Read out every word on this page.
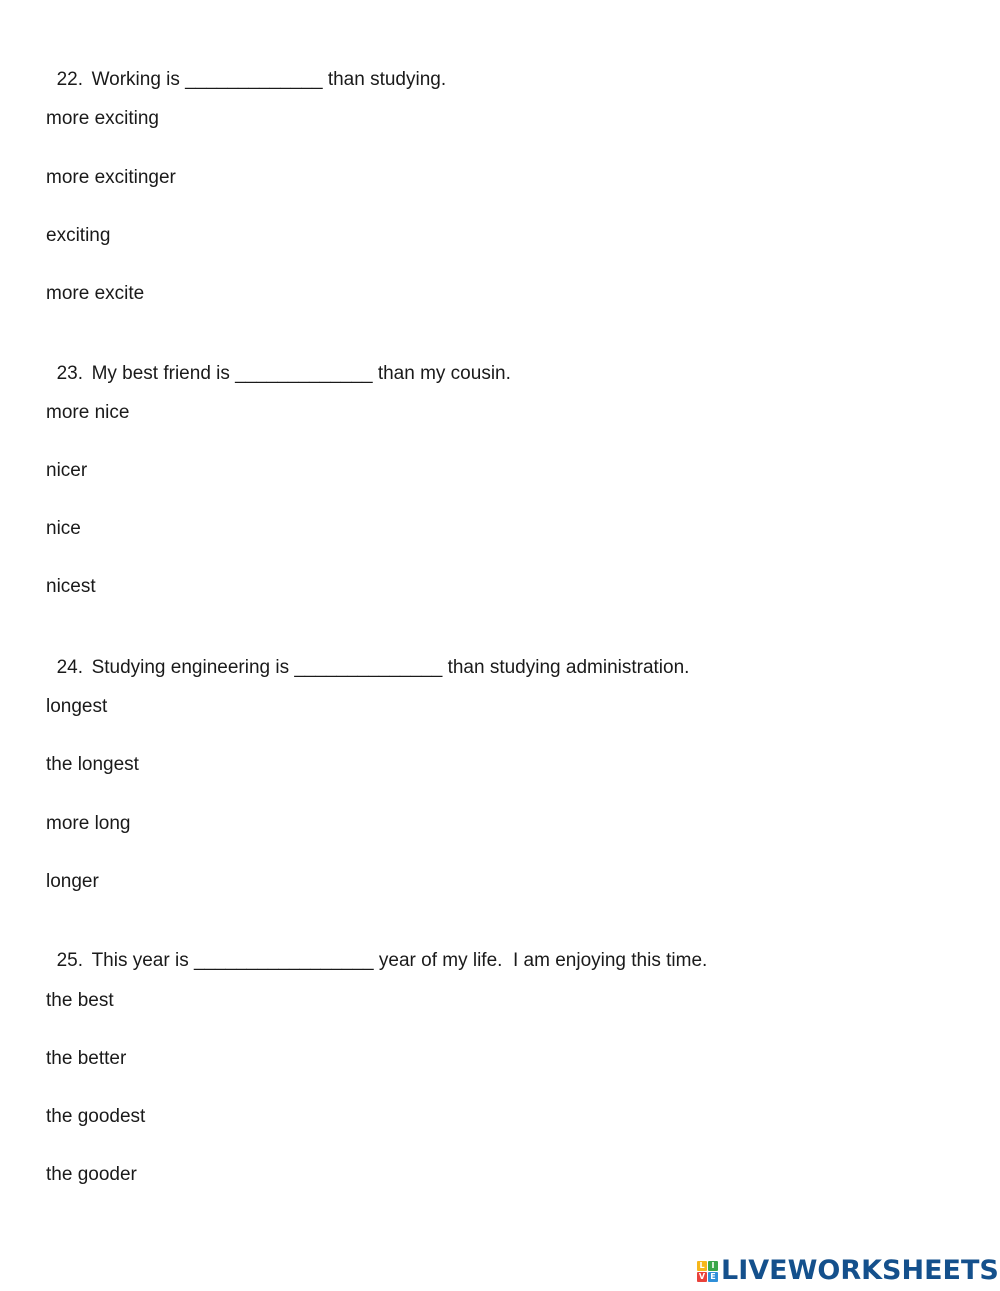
22. Working is _____________ than studying.

more exciting
more excitinger
exciting
more excite

23. My best friend is _____________ than my cousin.

more nice
nicer
nice
nicest

24. Studying engineering is ______________ than studying administration.

longest
the longest
more long
longer

25. This year is _________________ year of my life.  I am enjoying this time.

the best
the better
the goodest
the gooder
L I
V E LIVEWORKSHEETS
